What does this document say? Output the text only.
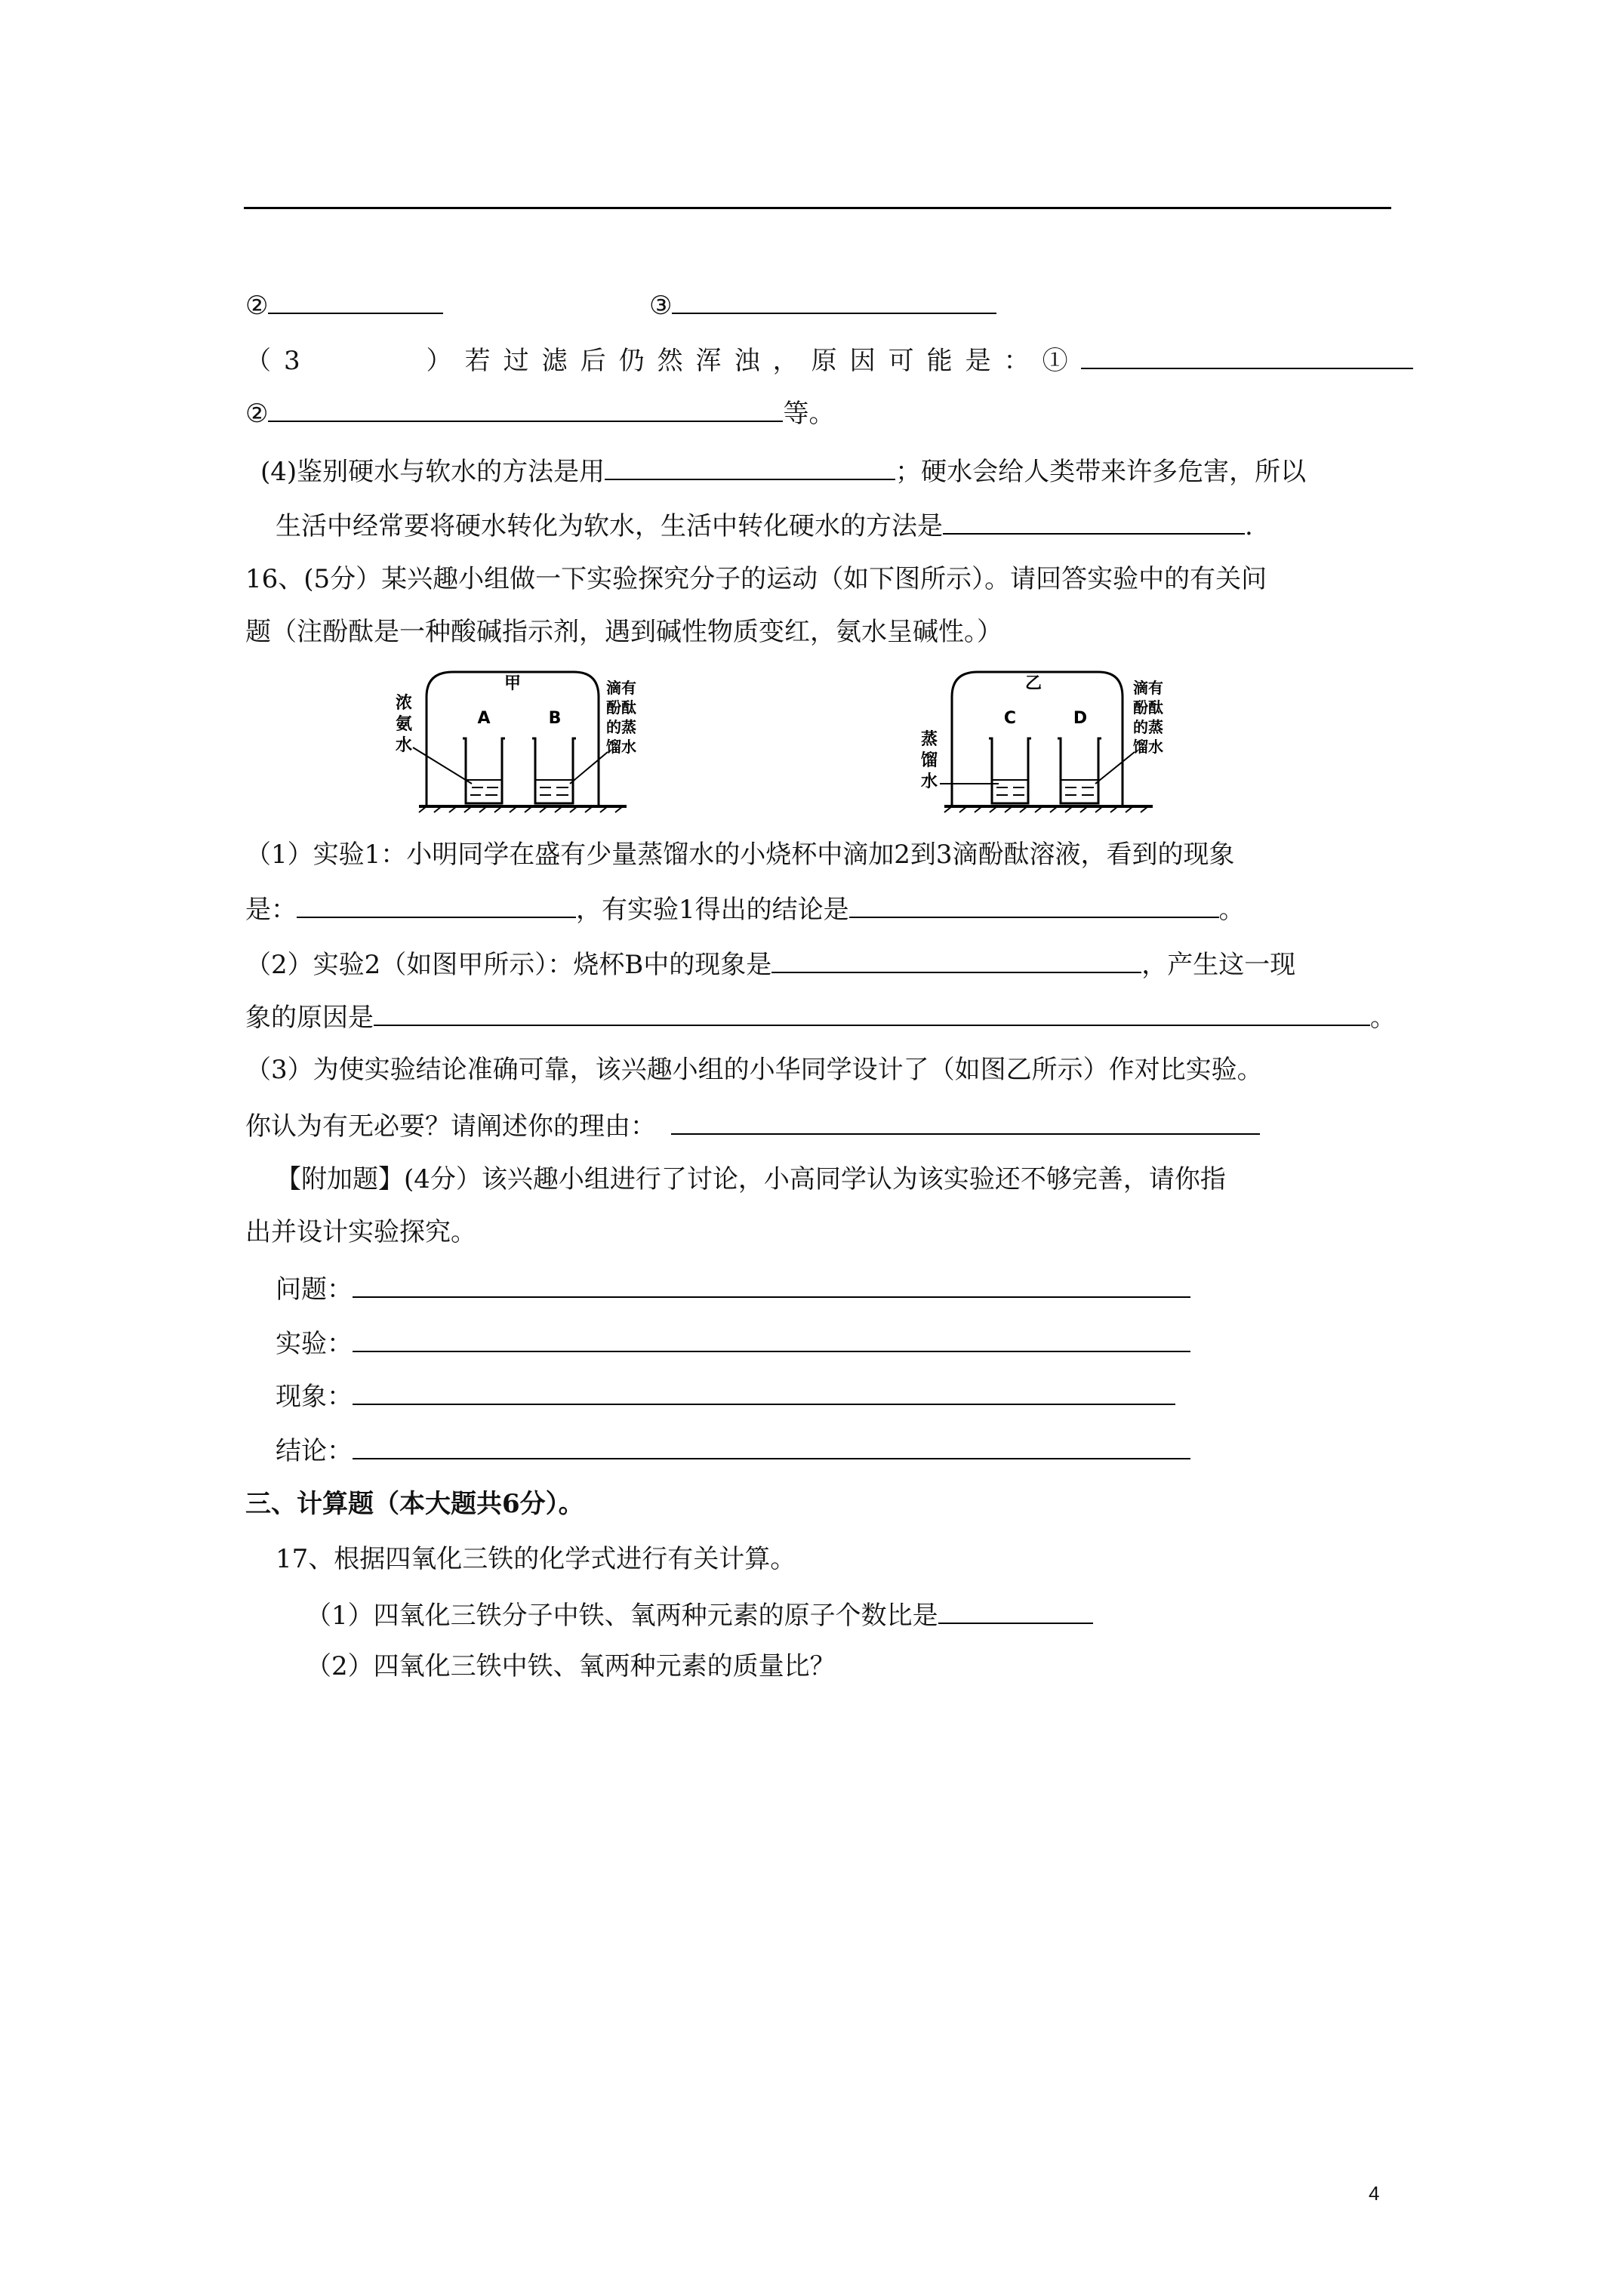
②	③
（3	）若过滤后仍然浑浊，原因可能是：①
②	等。
(4)鉴别硬水与软水的方法是用	；硬水会给人类带来许多危害，所以
生活中经常要将硬水转化为软水，生活中转化硬水的方法是	.
16、(5分）某兴趣小组做一下实验探究分子的运动（如下图所示）。请回答实验中的有关问
题（注酚酞是一种酸碱指示剂，遇到碱性物质变红，氨水呈碱性。）
甲
A	B
浓
氨
水
滴有
酚酞
的蒸
馏水
乙
C	D
蒸
馏
水
滴有
酚酞
的蒸
馏水
（1）实验1：小明同学在盛有少量蒸馏水的小烧杯中滴加2到3滴酚酞溶液，看到的现象
是：	，有实验1得出的结论是	。
（2）实验2（如图甲所示）：烧杯B中的现象是	，产生这一现
象的原因是	。
（3）为使实验结论准确可靠，该兴趣小组的小华同学设计了（如图乙所示）作对比实验。
你认为有无必要？请阐述你的理由：
【附加题】(4分）该兴趣小组进行了讨论，小高同学认为该实验还不够完善，请你指
出并设计实验探究。
问题：
实验：
现象：
结论：
三、计算题（本大题共6分）。
17、根据四氧化三铁的化学式进行有关计算。
（1）四氧化三铁分子中铁、氧两种元素的原子个数比是
（2）四氧化三铁中铁、氧两种元素的质量比？
4
